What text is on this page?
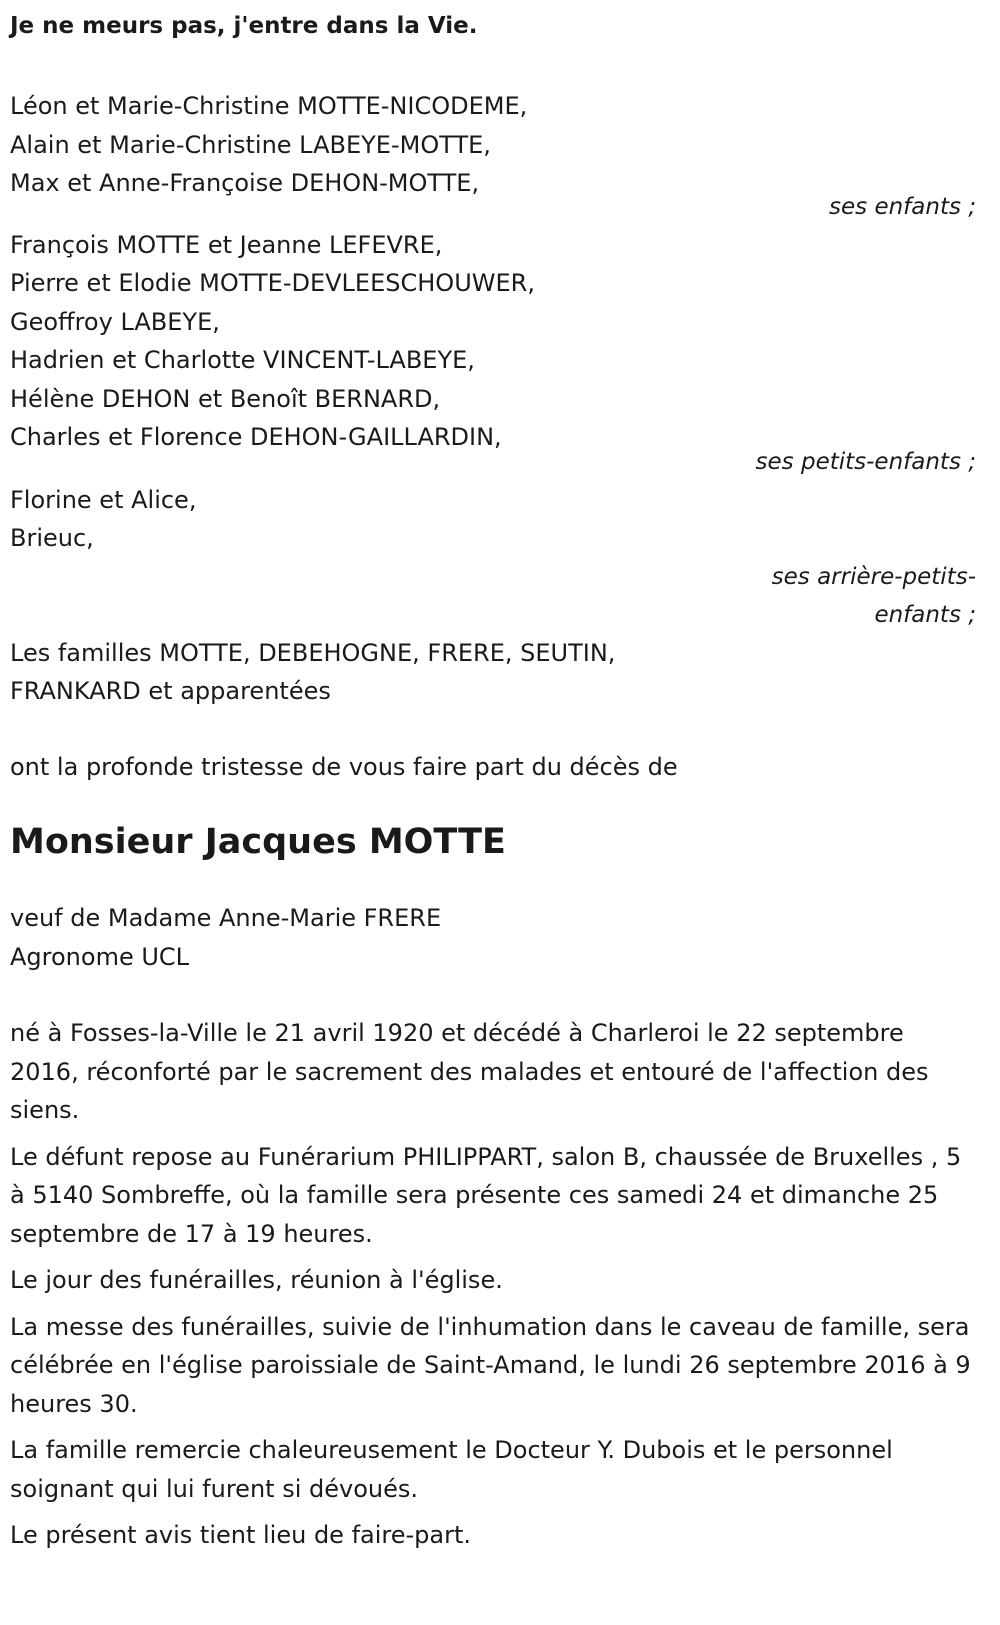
Je ne meurs pas, j'entre dans la Vie.

Léon et Marie-Christine MOTTE-NICODEME,
Alain et Marie-Christine LABEYE-MOTTE,
Max et Anne-Françoise DEHON-MOTTE,
ses enfants ;
François MOTTE et Jeanne LEFEVRE,
Pierre et Elodie MOTTE-DEVLEESCHOUWER,
Geoffroy LABEYE,
Hadrien et Charlotte VINCENT-LABEYE,
Hélène DEHON et Benoît BERNARD,
Charles et Florence DEHON-GAILLARDIN,
ses petits-enfants ;
Florine et Alice,
Brieuc,
ses arrière-petits-enfants ;

Les familles MOTTE, DEBEHOGNE, FRERE, SEUTIN, FRANKARD et apparentées

ont la profonde tristesse de vous faire part du décès de

Monsieur Jacques MOTTE

veuf de Madame Anne-Marie FRERE

Agronome UCL

né à Fosses-la-Ville le 21 avril 1920 et décédé à Charleroi le 22 septembre 2016, réconforté par le sacrement des malades et entouré de l'affection des siens.

Le défunt repose au Funérarium PHILIPPART, salon B, chaussée de Bruxelles , 5 à 5140 Sombreffe, où la famille sera présente ces samedi 24 et dimanche 25 septembre de 17 à 19 heures.

Le jour des funérailles, réunion à l'église.

La messe des funérailles, suivie de l'inhumation dans le caveau de famille, sera célébrée en l'église paroissiale de Saint-Amand, le lundi 26 septembre 2016 à 9 heures 30.

La famille remercie chaleureusement le Docteur Y. Dubois et le personnel soignant qui lui furent si dévoués.

Le présent avis tient lieu de faire-part.
